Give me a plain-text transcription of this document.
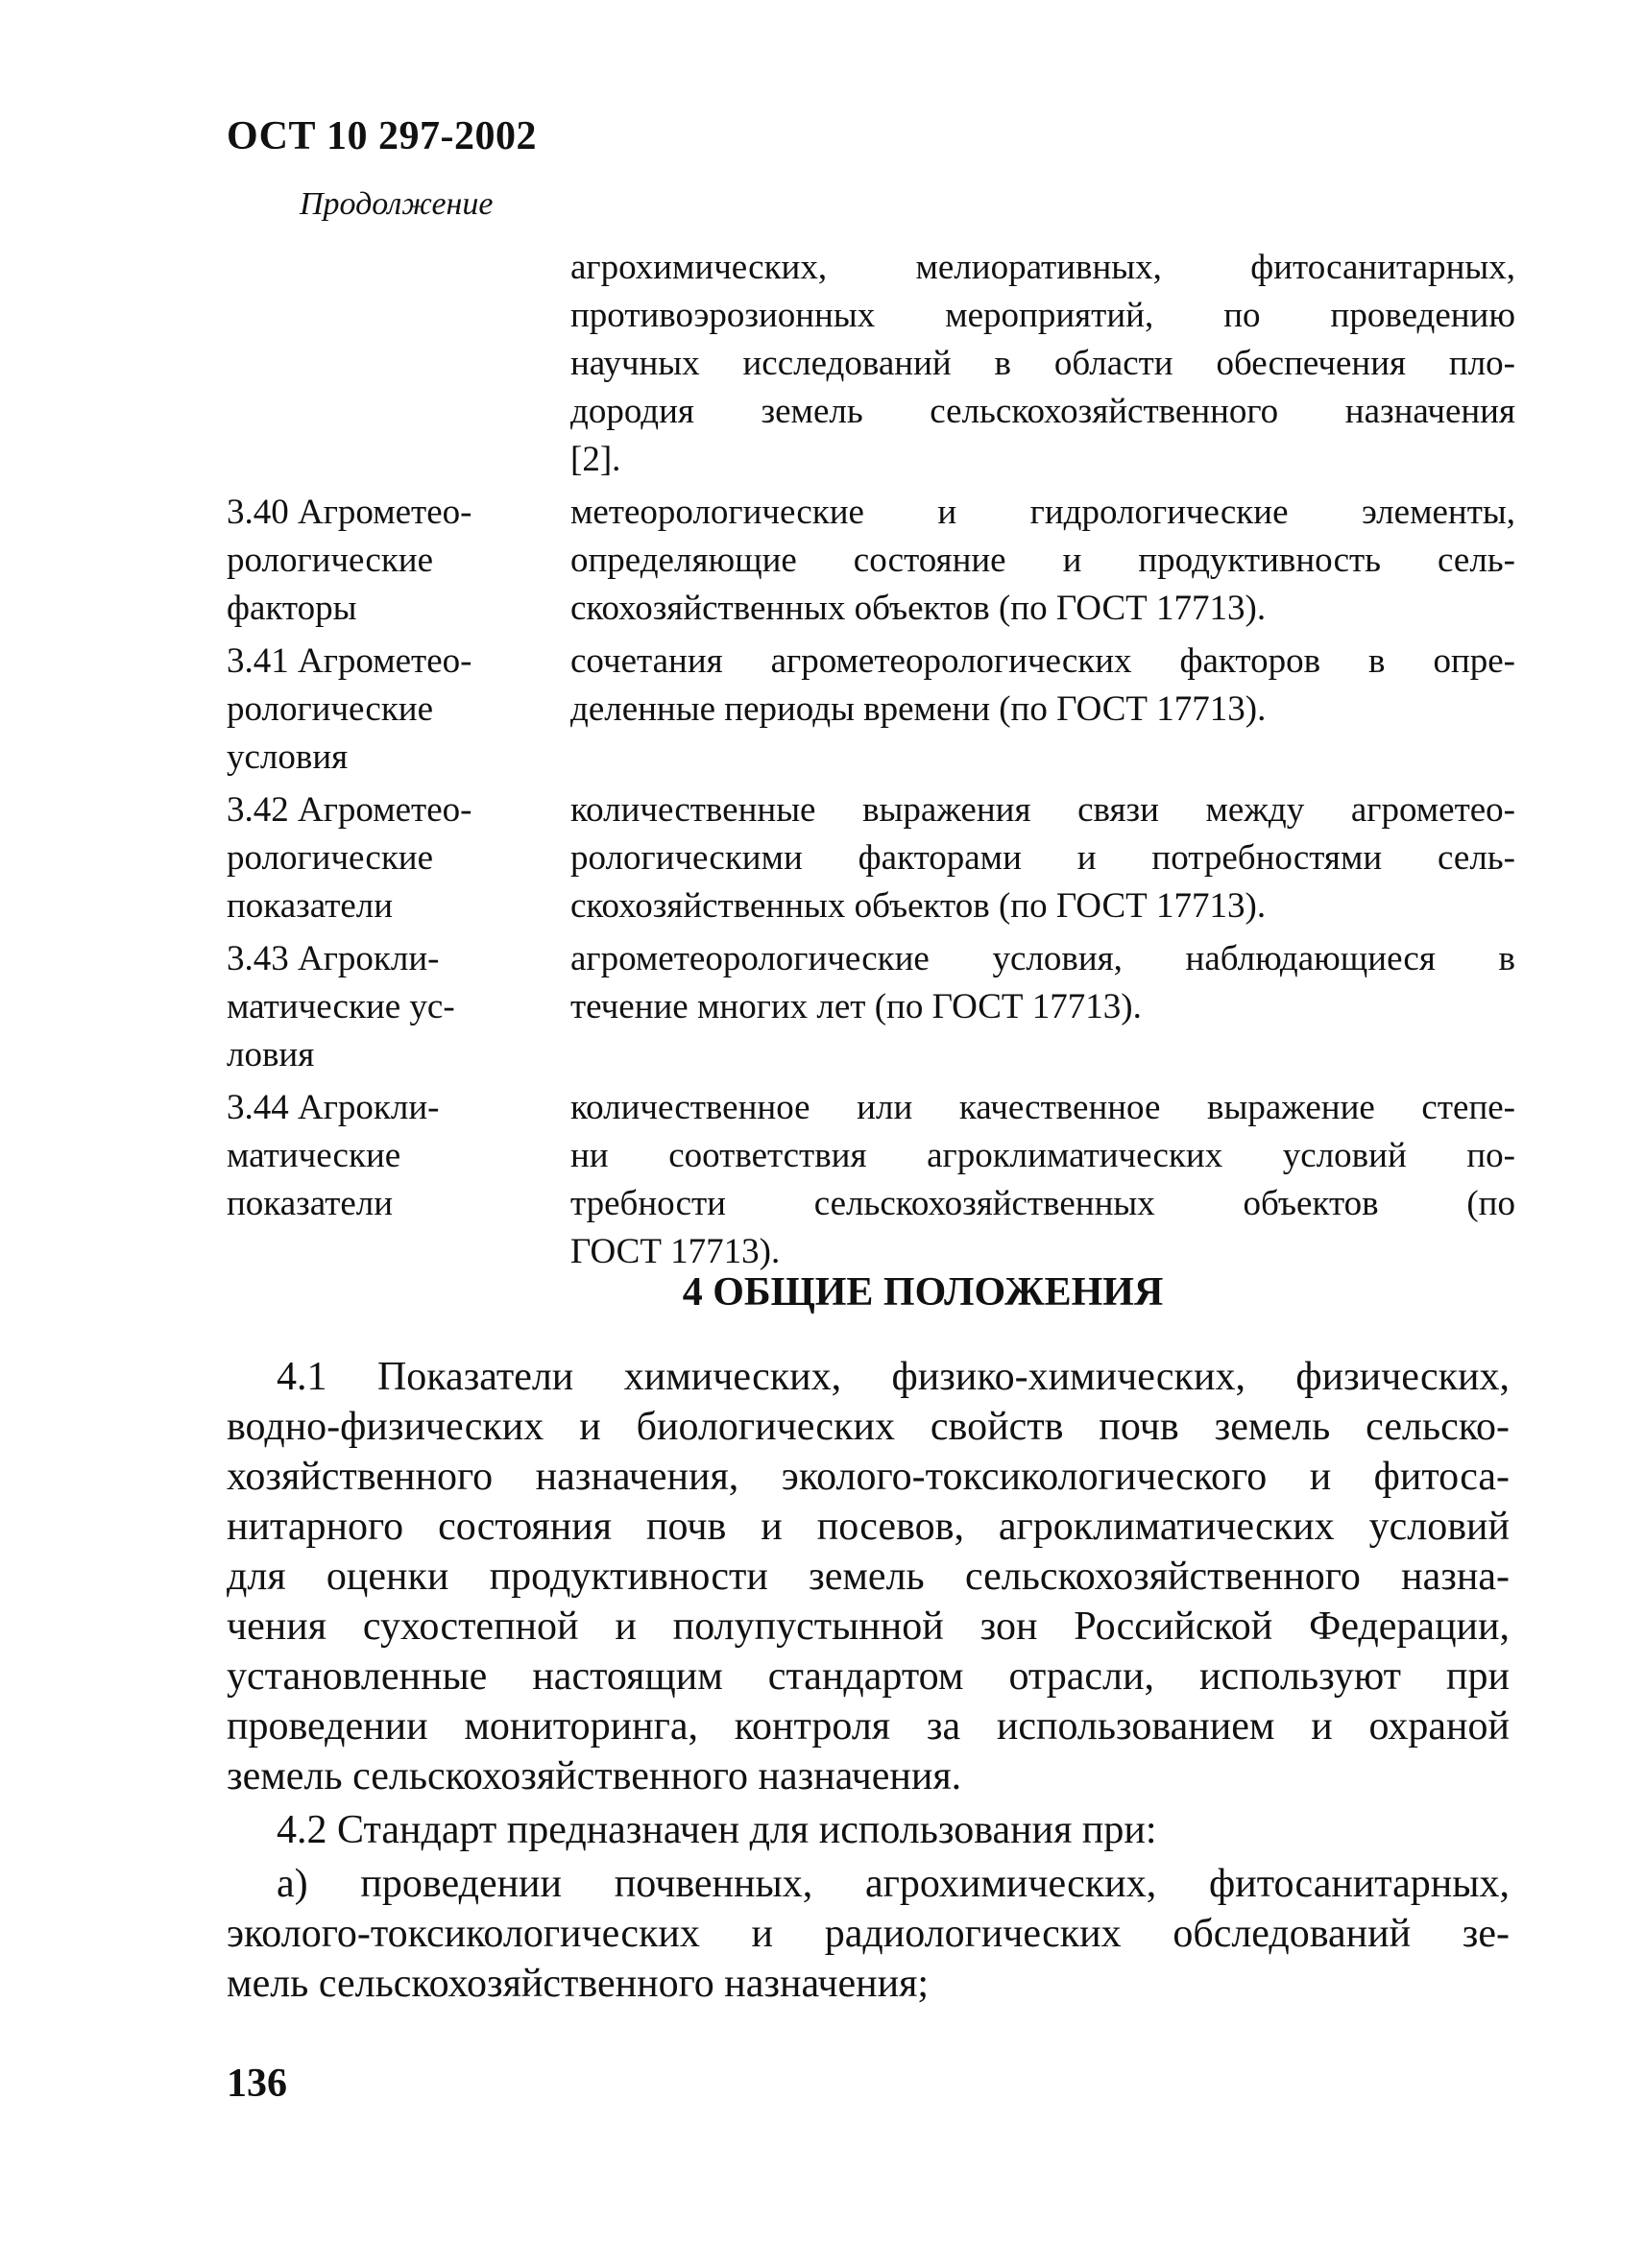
ОСТ 10 297-2002
Продолжение
агрохимических, мелиоративных, фитосанитарных,
противоэрозионных мероприятий, по проведению
научных исследований в области обеспечения пло-
дородия земель сельскохозяйственного назначения
[2].
3.40 Агрометео-
рологические
факторы
метеорологические и гидрологические элементы,
определяющие состояние и продуктивность сель-
скохозяйственных объектов (по ГОСТ 17713).
3.41 Агрометео-
рологические
условия
сочетания агрометеорологических факторов в опре-
деленные периоды времени (по ГОСТ 17713).
3.42 Агрометео-
рологические
показатели
количественные выражения связи между агрометео-
рологическими факторами и потребностями сель-
скохозяйственных объектов (по ГОСТ 17713).
3.43 Агрокли-
матические ус-
ловия
агрометеорологические условия, наблюдающиеся в
течение многих лет (по ГОСТ 17713).
3.44 Агрокли-
матические
показатели
количественное или качественное выражение степе-
ни соответствия агроклиматических условий по-
требности сельскохозяйственных объектов (по
ГОСТ 17713).
4 ОБЩИЕ ПОЛОЖЕНИЯ
4.1 Показатели химических, физико-химических, физических,
водно-физических и биологических свойств почв земель сельско-
хозяйственного назначения, эколого-токсикологического и фитоса-
нитарного состояния почв и посевов, агроклиматических условий
для оценки продуктивности земель сельскохозяйственного назна-
чения сухостепной и полупустынной зон Российской Федерации,
установленные настоящим стандартом отрасли, используют при
проведении мониторинга, контроля за использованием и охраной
земель сельскохозяйственного назначения.
4.2 Стандарт предназначен для использования при:
а) проведении почвенных, агрохимических, фитосанитарных,
эколого-токсикологических и радиологических обследований зе-
мель сельскохозяйственного назначения;
136
